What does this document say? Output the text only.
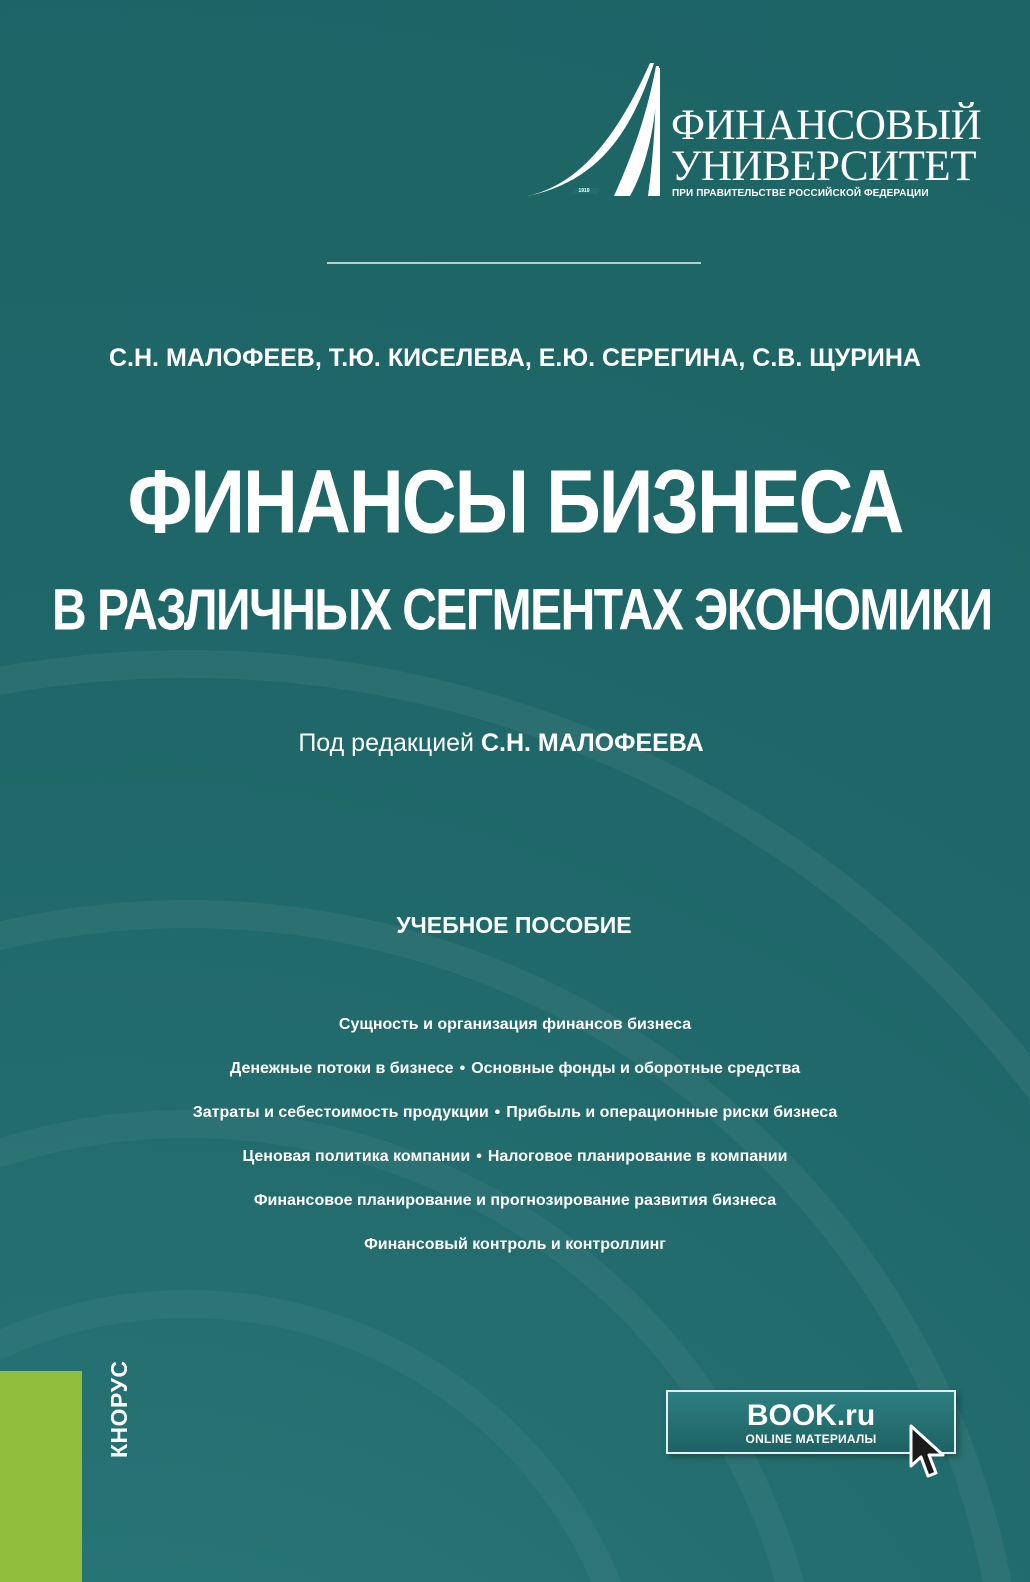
1919
ФИНАНСОВЫЙ
УНИВЕРСИТЕТ
ПРИ ПРАВИТЕЛЬСТВЕ РОССИЙСКОЙ ФЕДЕРАЦИИ
С.Н. МАЛОФЕЕВ, Т.Ю. КИСЕЛЕВА, Е.Ю. СЕРЕГИНА, С.В. ЩУРИНА
ФИНАНСЫ БИЗНЕСА
В РАЗЛИЧНЫХ СЕГМЕНТАХ ЭКОНОМИКИ
Под редакцией С.Н. МАЛОФЕЕВА
УЧЕБНОЕ ПОСОБИЕ
Сущность и организация финансов бизнеса
Денежные потоки в бизнесе • Основные фонды и оборотные средства
Затраты и себестоимость продукции • Прибыль и операционные риски бизнеса
Ценовая политика компании • Налоговое планирование в компании
Финансовое планирование и прогнозирование развития бизнеса
Финансовый контроль и контроллинг
КНОРУС	BOOK.ru
ONLINE МАТЕРИАЛЫ
